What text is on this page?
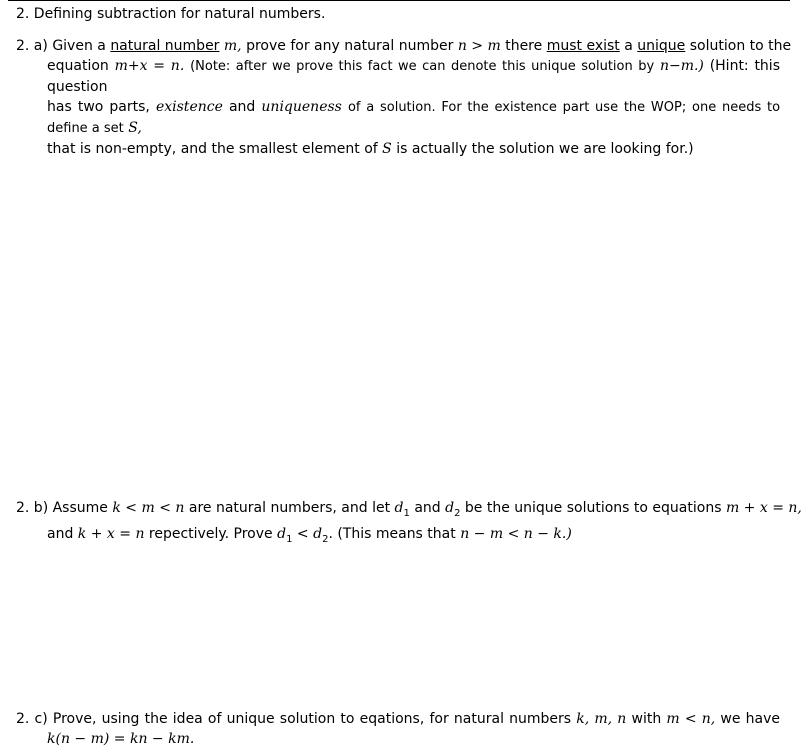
2. Defining subtraction for natural numbers.
2. a) Given a natural number m, prove for any natural number n > m there must exist a unique solution to the
equation m+x = n. (Note: after we prove this fact we can denote this unique solution by n−m.) (Hint: this question
has two parts, existence and uniqueness of a solution. For the existence part use the WOP; one needs to define a set S,
that is non-empty, and the smallest element of S is actually the solution we are looking for.)
2. b) Assume k < m < n are natural numbers, and let $d_1$ and $d_2$ be the unique solutions to equations m + x = n,
and k + x = n repectively. Prove $d_1 < d_2$. (This means that n − m < n − k.)
2. c) Prove, using the idea of unique solution to eqations, for natural numbers k, m, n with m < n, we have
k(n − m) = kn − km.
